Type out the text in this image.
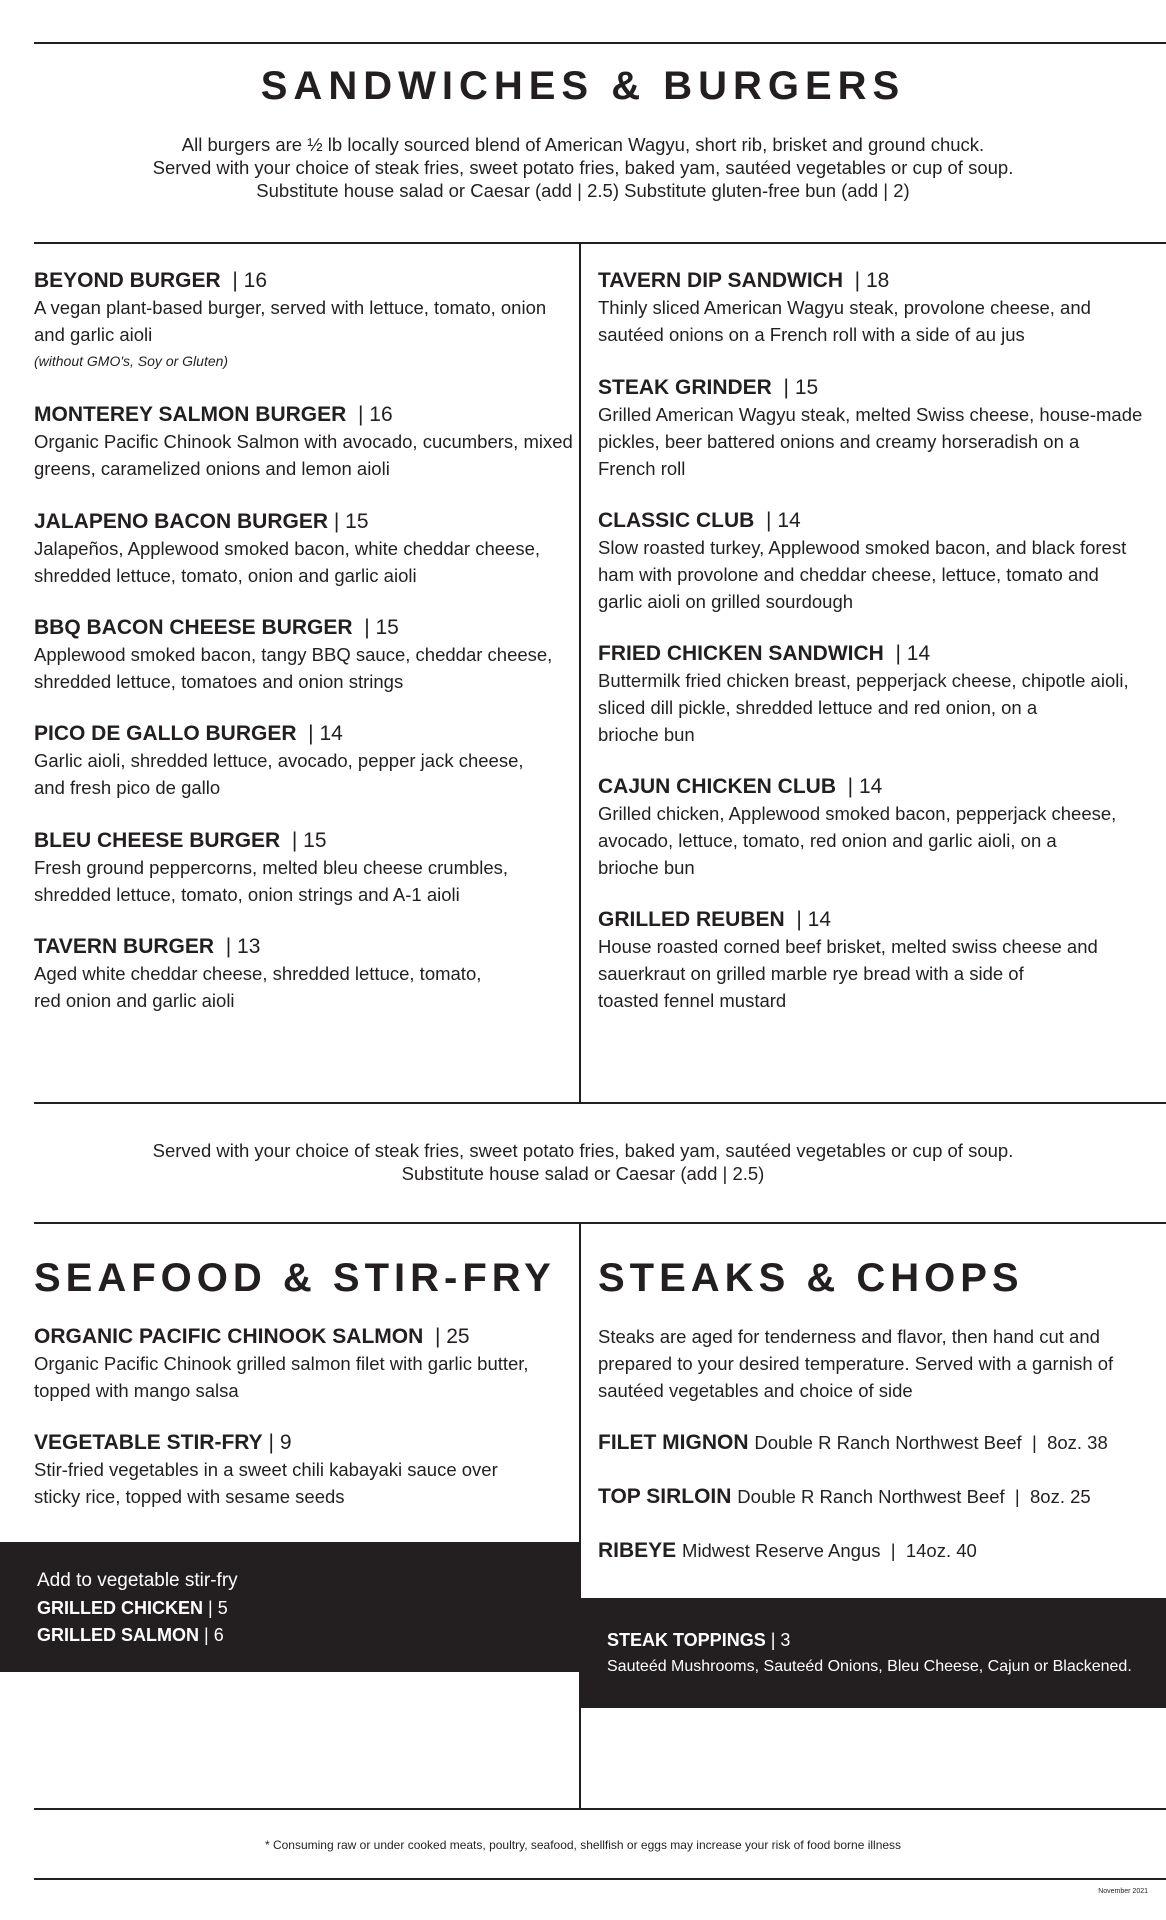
SANDWICHES & BURGERS
All burgers are ½ lb locally sourced blend of American Wagyu, short rib, brisket and ground chuck.
Served with your choice of steak fries, sweet potato fries, baked yam, sautéed vegetables or cup of soup.
Substitute house salad or Caesar (add | 2.5) Substitute gluten-free bun (add | 2)
BEYOND BURGER  | 16
A vegan plant-based burger, served with lettuce, tomato, onion
and garlic aioli
(without GMO's, Soy or Gluten)
MONTEREY SALMON BURGER  | 16
Organic Pacific Chinook Salmon with avocado, cucumbers, mixed
greens, caramelized onions and lemon aioli
JALAPENO BACON BURGER | 15
Jalapeños, Applewood smoked bacon, white cheddar cheese,
shredded lettuce, tomato, onion and garlic aioli
BBQ BACON CHEESE BURGER  | 15
Applewood smoked bacon, tangy BBQ sauce, cheddar cheese,
shredded lettuce, tomatoes and onion strings
PICO DE GALLO BURGER  | 14
Garlic aioli, shredded lettuce, avocado, pepper jack cheese,
and fresh pico de gallo
BLEU CHEESE BURGER  | 15
Fresh ground peppercorns, melted bleu cheese crumbles,
shredded lettuce, tomato, onion strings and A-1 aioli
TAVERN BURGER  | 13
Aged white cheddar cheese, shredded lettuce, tomato,
red onion and garlic aioli
TAVERN DIP SANDWICH  | 18
Thinly sliced American Wagyu steak, provolone cheese, and
sautéed onions on a French roll with a side of au jus
STEAK GRINDER  | 15
Grilled American Wagyu steak, melted Swiss cheese, house-made
pickles, beer battered onions and creamy horseradish on a
French roll
CLASSIC CLUB  | 14
Slow roasted turkey, Applewood smoked bacon, and black forest
ham with provolone and cheddar cheese, lettuce, tomato and
garlic aioli on grilled sourdough
FRIED CHICKEN SANDWICH  | 14
Buttermilk fried chicken breast, pepperjack cheese, chipotle aioli,
sliced dill pickle, shredded lettuce and red onion, on a
brioche bun
CAJUN CHICKEN CLUB  | 14
Grilled chicken, Applewood smoked bacon, pepperjack cheese,
avocado, lettuce, tomato, red onion and garlic aioli, on a
brioche bun
GRILLED REUBEN  | 14
House roasted corned beef brisket, melted swiss cheese and
sauerkraut on grilled marble rye bread with a side of
toasted fennel mustard
Served with your choice of steak fries, sweet potato fries, baked yam, sautéed vegetables or cup of soup.
Substitute house salad or Caesar (add | 2.5)
SEAFOOD & STIR-FRY
ORGANIC PACIFIC CHINOOK SALMON  | 25
Organic Pacific Chinook grilled salmon filet with garlic butter,
topped with mango salsa
VEGETABLE STIR-FRY | 9
Stir-fried vegetables in a sweet chili kabayaki sauce over
sticky rice, topped with sesame seeds
Add to vegetable stir-fry
GRILLED CHICKEN | 5
GRILLED SALMON | 6
STEAKS & CHOPS
Steaks are aged for tenderness and flavor, then hand cut and
prepared to your desired temperature. Served with a garnish of
sautéed vegetables and choice of side
FILET MIGNON Double R Ranch Northwest Beef  |  8oz. 38
TOP SIRLOIN Double R Ranch Northwest Beef  |  8oz. 25
RIBEYE Midwest Reserve Angus  |  14oz. 40
STEAK TOPPINGS | 3
Sauteéd Mushrooms, Sauteéd Onions, Bleu Cheese, Cajun or Blackened.
* Consuming raw or under cooked meats, poultry, seafood, shellfish or eggs may increase your risk of food borne illness
November 2021
